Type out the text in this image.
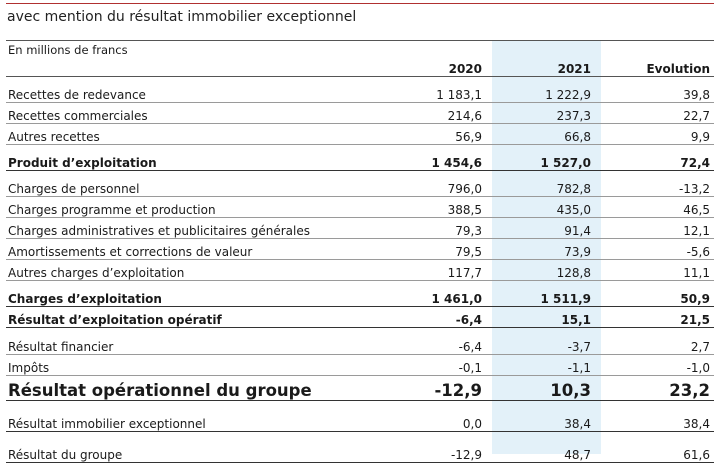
avec mention du résultat immobilier exceptionnel
En millions de francs			
	2020	2021	Evolution
Recettes de redevance	1 183,1	1 222,9	39,8
Recettes commerciales	214,6	237,3	22,7
Autres recettes	56,9	66,8	9,9
Produit d’exploitation	1 454,6	1 527,0	72,4
Charges de personnel	796,0	782,8	-13,2
Charges programme et production	388,5	435,0	46,5
Charges administratives et publicitaires générales	79,3	91,4	12,1
Amortissements et corrections de valeur	79,5	73,9	-5,6
Autres charges d’exploitation	117,7	128,8	11,1
Charges d’exploitation	1 461,0	1 511,9	50,9
Résultat d’exploitation opératif	-6,4	15,1	21,5
Résultat financier	-6,4	-3,7	2,7
Impôts	-0,1	-1,1	-1,0
Résultat opérationnel du groupe	-12,9	10,3	23,2
Résultat immobilier exceptionnel	0,0	38,4	38,4
Résultat du groupe	-12,9	48,7	61,6
